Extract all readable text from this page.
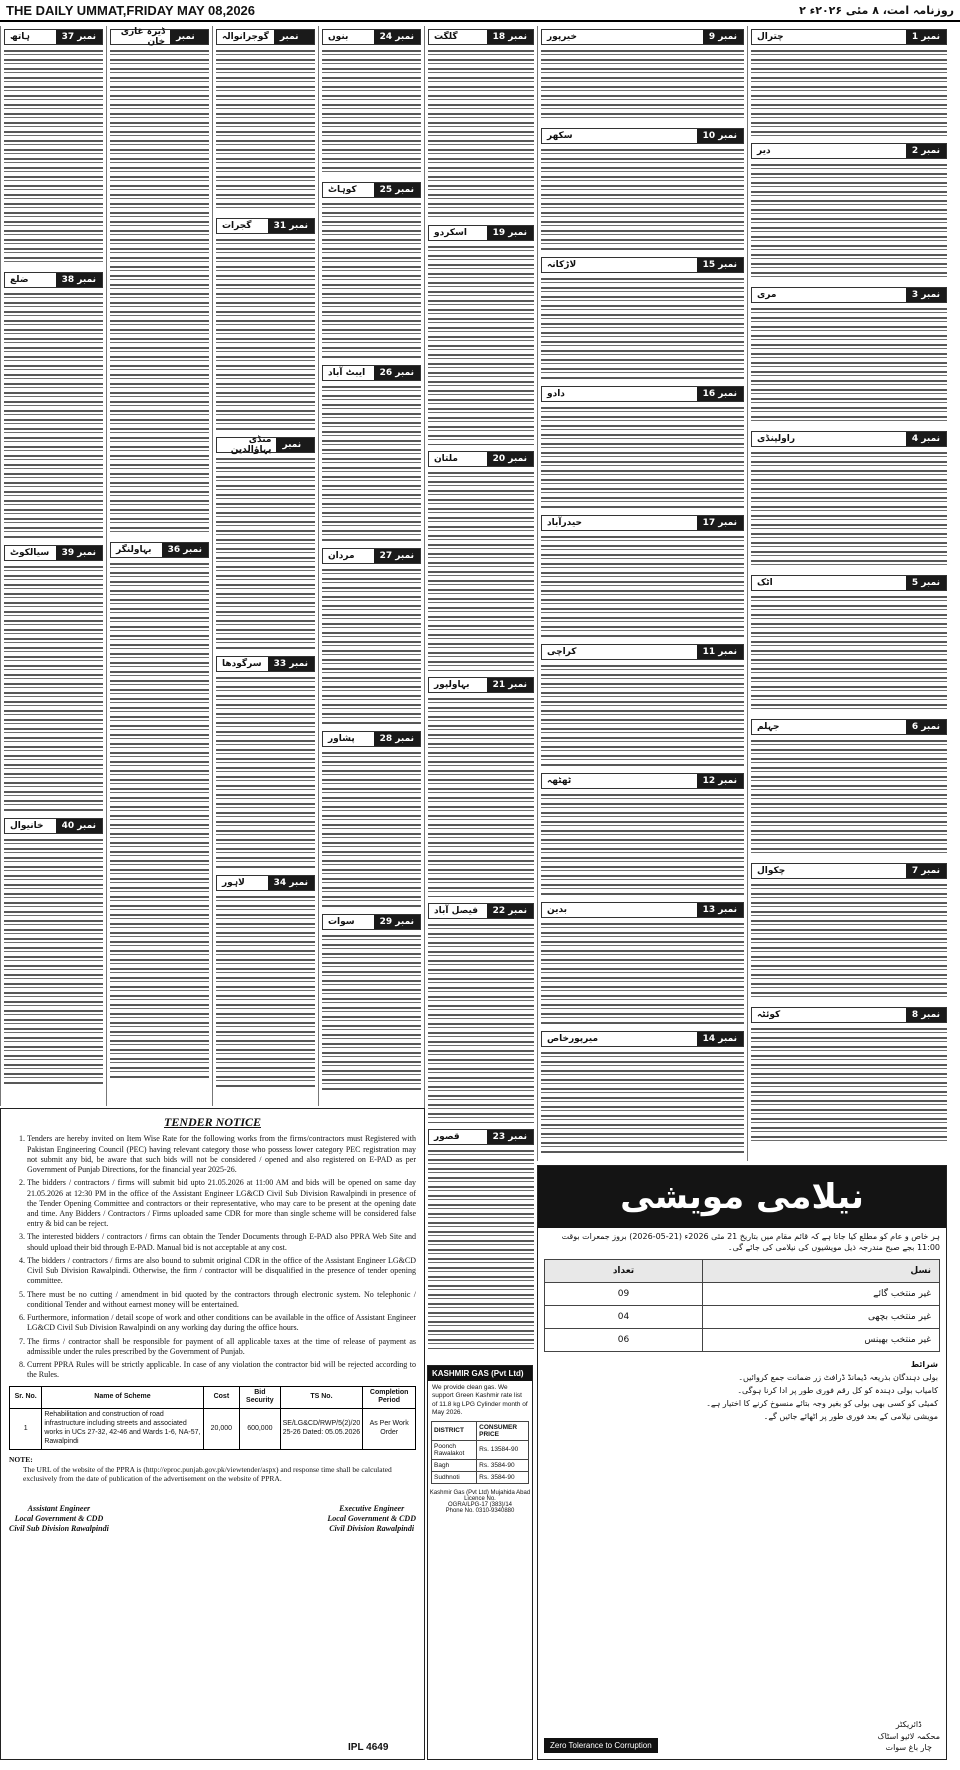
THE DAILY UMMAT,FRIDAY MAY 08,2026	روزنامہ امت، ۸ مئی ۲۰۲۶ء ۲
ہاتھ	نمبر 37
ضلع	نمبر 38
سیالکوٹ	نمبر 39
خانیوال	نمبر 40
ڈیرہ غازی خان	نمبر
بہاولنگر	نمبر 36
گوجرانوالہ	نمبر
گجرات	نمبر 31
منڈی بہاؤالدین	نمبر
سرگودھا	نمبر 33
لاہور	نمبر 34
بنوں	نمبر 24
کوہاٹ	نمبر 25
ایبٹ آباد	نمبر 26
مردان	نمبر 27
پشاور	نمبر 28
سوات	نمبر 29
گلگت	نمبر 18
اسکردو	نمبر 19
ملتان	نمبر 20
بہاولپور	نمبر 21
فیصل آباد	نمبر 22
قصور	نمبر 23
خیرپور	نمبر 9
سکھر	نمبر 10
لاڑکانہ	نمبر 15
دادو	نمبر 16
حیدرآباد	نمبر 17
کراچی	نمبر 11
ٹھٹھہ	نمبر 12
بدین	نمبر 13
میرپورخاص	نمبر 14
چترال	نمبر 1
دیر	نمبر 2
مری	نمبر 3
راولپنڈی	نمبر 4
اٹک	نمبر 5
جہلم	نمبر 6
چکوال	نمبر 7
کوئٹہ	نمبر 8
TENDER NOTICE
1. Tenders are hereby invited on Item Wise Rate for the following works from the firms/contractors must Registered with Pakistan Engineering Council (PEC) having relevant category those who possess lower category PEC registration may not submit any bid, be aware that such bids will not be considered / opened and also registered on E-PAD as per Government of Punjab Directions, for the financial year 2025-26.
2. The bidders / contractors / firms will submit bid upto 21.05.2026 at 11:00 AM and bids will be opened on same day 21.05.2026 at 12:30 PM in the office of the Assistant Engineer LG&CD Civil Sub Division Rawalpindi in presence of the Tender Opening Committee and contractors or their representative, who may care to be present at the opening date and time. Any Bidders / Contractors / Firms uploaded same CDR for more than single scheme will be considered false entry & bid can be reject.
3. The interested bidders / contractors / firms can obtain the Tender Documents through E-PAD also PPRA Web Site and should upload their bid through E-PAD. Manual bid is not acceptable at any cost.
4. The bidders / contractors / firms are also bound to submit original CDR in the office of the Assistant Engineer LG&CD Civil Sub Division Rawalpindi. Otherwise, the firm / contractor will be disqualified in the presence of tender opening committee.
5. There must be no cutting / amendment in bid quoted by the contractors through electronic system. No telephonic / conditional Tender and without earnest money will be entertained.
6. Furthermore, information / detail scope of work and other conditions can be available in the office of Assistant Engineer LG&CD Civil Sub Division Rawalpindi on any working day during the office hours.
7. The firms / contractor shall be responsible for payment of all applicable taxes at the time of release of payment as admissible under the rules prescribed by the Government of Punjab.
8. Current PPRA Rules will be strictly applicable. In case of any violation the contractor bid will be rejected according to the Rules.
Sr. No.	Name of Scheme	Cost	Bid Security	TS No.	Completion Period
1	Rehabilitation and construction of road infrastructure including streets and associated works in UCs 27-32, 42-46 and Wards 1-6, NA-57, Rawalpindi	20,000	600,000	SE/LG&CD/RWP/5(2)/20 25-26 Dated: 05.05.2026	As Per Work Order
NOTE:
The URL of the website of the PPRA is (http://eproc.punjab.gov.pk/viewtender/aspx) and response time shall be calculated exclusively from the date of publication of the advertisement on the website of PPRA.
Assistant Engineer
Local Government & CDD
Civil Sub Division Rawalpindi
Executive Engineer
Local Government & CDD
Civil Division Rawalpindi
IPL 4649
KASHMIR GAS (Pvt Ltd)

We provide clean gas. We support Green Kashmir rate list of 11.8 kg LPG Cylinder month of May 2026.

DISTRICT	CONSUMER PRICE
Poonch Rawalakot	Rs. 13584-90
Bagh	Rs. 3584-90
Sudhnoti	Rs. 3584-90
Kashmir Gas (Pvt Ltd) Mujahida Abad
Licence No.
OGRA/LPG-17 (383)/14
Phone No. 0310-9340880
نیلامی مویشی
ہر خاص و عام کو مطلع کیا جاتا ہے کہ قائم مقام میں بتاریخ 21 مئی 2026ء (21-05-2026) بروز جمعرات بوقت 11:00 بجے صبح مندرجہ ذیل مویشیوں کی نیلامی کی جائے گی۔
تعداد	نسل
09	غیر منتخب گائے
04	غیر منتخب بچھی
06	غیر منتخب بھینس
شرائط
بولی دہندگان بذریعہ ڈیمانڈ ڈرافٹ زر ضمانت جمع کروائیں۔
کامیاب بولی دہندہ کو کل رقم فوری طور پر ادا کرنا ہوگی۔
کمیٹی کو کسی بھی بولی کو بغیر وجہ بتائے منسوخ کرنے کا اختیار ہے۔
مویشی نیلامی کے بعد فوری طور پر اٹھائے جائیں گے۔
Zero Tolerance to Corruption
ڈائریکٹر
محکمہ لائیو اسٹاک
چار باغ سوات
